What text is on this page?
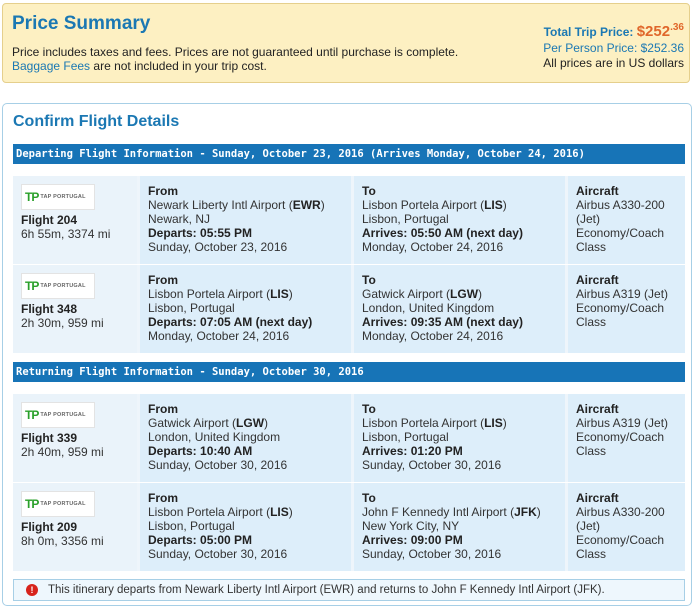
Price Summary
Price includes taxes and fees. Prices are not guaranteed until purchase is complete.
Baggage Fees are not included in your trip cost.
Total Trip Price: $\$252^{.36}$
Per Person Price: $252.36
All prices are in US dollars
Confirm Flight Details
Departing Flight Information - Sunday, October 23, 2016 (Arrives Monday, October 24, 2016)
TP TAP PORTUGAL
Flight 204
6h 55m, 3374 mi
From
Newark Liberty Intl Airport (EWR)
Newark, NJ
Departs: 05:55 PM
Sunday, October 23, 2016
To
Lisbon Portela Airport (LIS)
Lisbon, Portugal
Arrives: 05:50 AM (next day)
Monday, October 24, 2016
Aircraft
Airbus A330-200 (Jet)
Economy/Coach Class
TP TAP PORTUGAL
Flight 348
2h 30m, 959 mi
From
Lisbon Portela Airport (LIS)
Lisbon, Portugal
Departs: 07:05 AM (next day)
Monday, October 24, 2016
To
Gatwick Airport (LGW)
London, United Kingdom
Arrives: 09:35 AM (next day)
Monday, October 24, 2016
Aircraft
Airbus A319 (Jet)
Economy/Coach Class
TP TAP PORTUGAL
Flight 339
2h 40m, 959 mi
From
Gatwick Airport (LGW)
London, United Kingdom
Departs: 10:40 AM
Sunday, October 30, 2016
To
Lisbon Portela Airport (LIS)
Lisbon, Portugal
Arrives: 01:20 PM
Sunday, October 30, 2016
Aircraft
Airbus A319 (Jet)
Economy/Coach Class
TP TAP PORTUGAL
Flight 209
8h 0m, 3356 mi
From
Lisbon Portela Airport (LIS)
Lisbon, Portugal
Departs: 05:00 PM
Sunday, October 30, 2016
To
John F Kennedy Intl Airport (JFK)
New York City, NY
Arrives: 09:00 PM
Sunday, October 30, 2016
Aircraft
Airbus A330-200 (Jet)
Economy/Coach Class
Returning Flight Information - Sunday, October 30, 2016
!	This itinerary departs from Newark Liberty Intl Airport (EWR) and returns to John F Kennedy Intl Airport (JFK).
